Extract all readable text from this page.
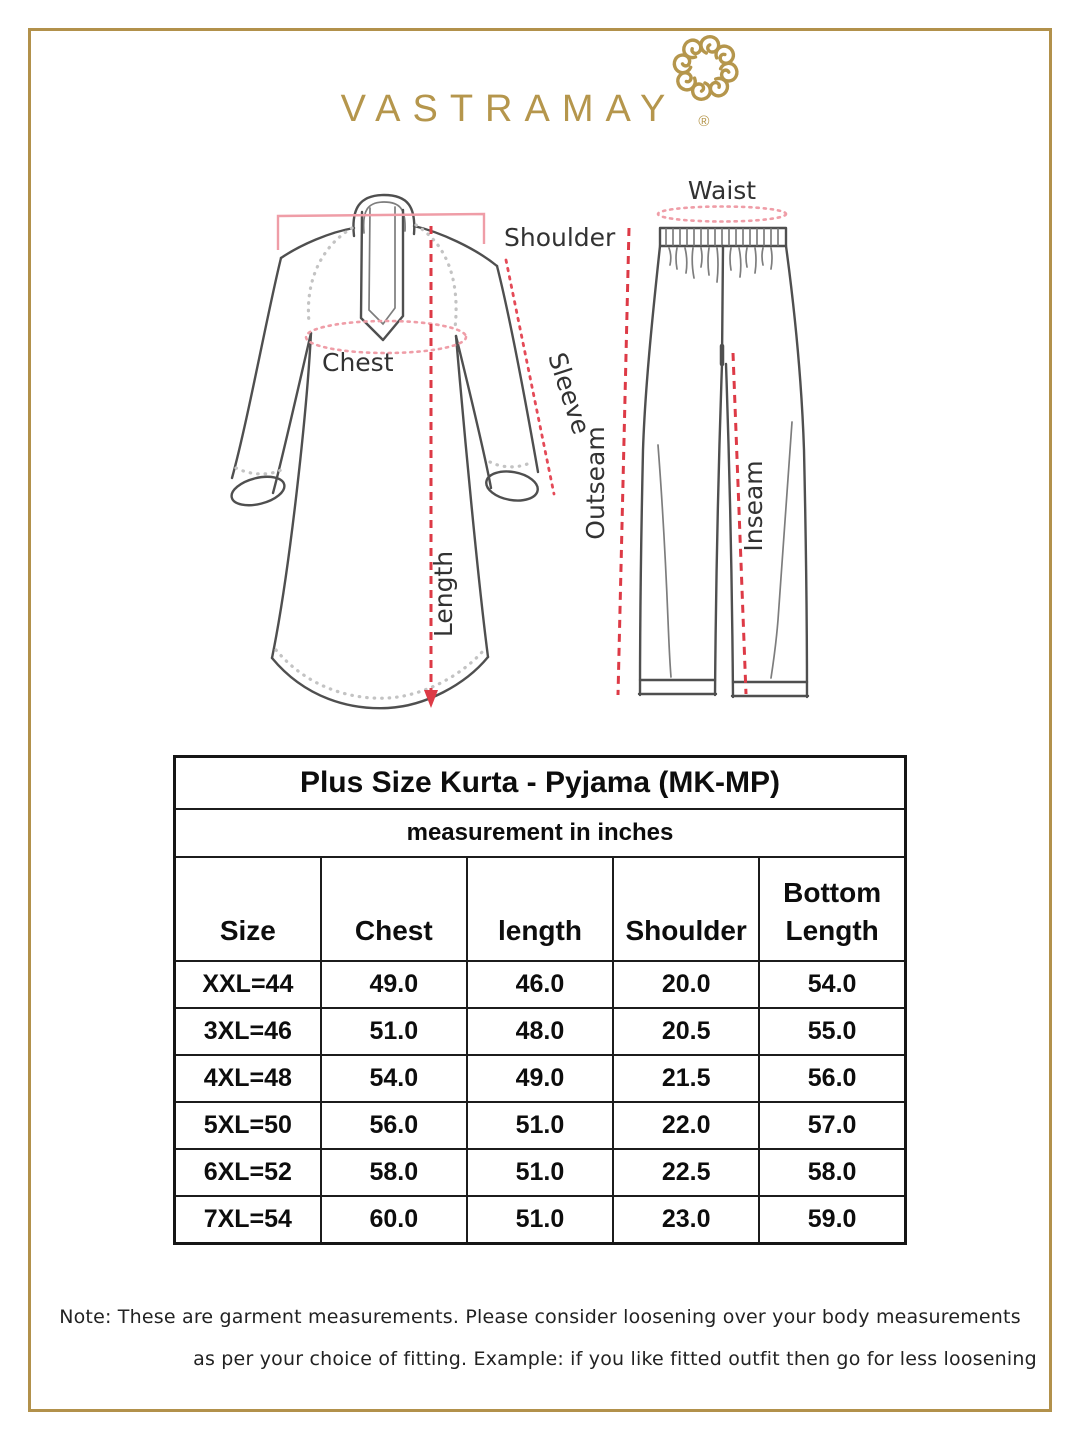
VASTRAMAY ®
Shoulder
Chest	Sleeve
Length
Waist
Outseam	Inseam
Plus Size Kurta - Pyjama (MK-MP)				
measurement in inches				
Size	Chest	length	Shoulder	Bottom Length
XXL=44	49.0	46.0	20.0	54.0
3XL=46	51.0	48.0	20.5	55.0
4XL=48	54.0	49.0	21.5	56.0
5XL=50	56.0	51.0	22.0	57.0
6XL=52	58.0	51.0	22.5	58.0
7XL=54	60.0	51.0	23.0	59.0
Note: These are garment measurements. Please consider loosening over your body measurements
as per your choice of fitting. Example: if you like fitted outfit then go for less loosening
